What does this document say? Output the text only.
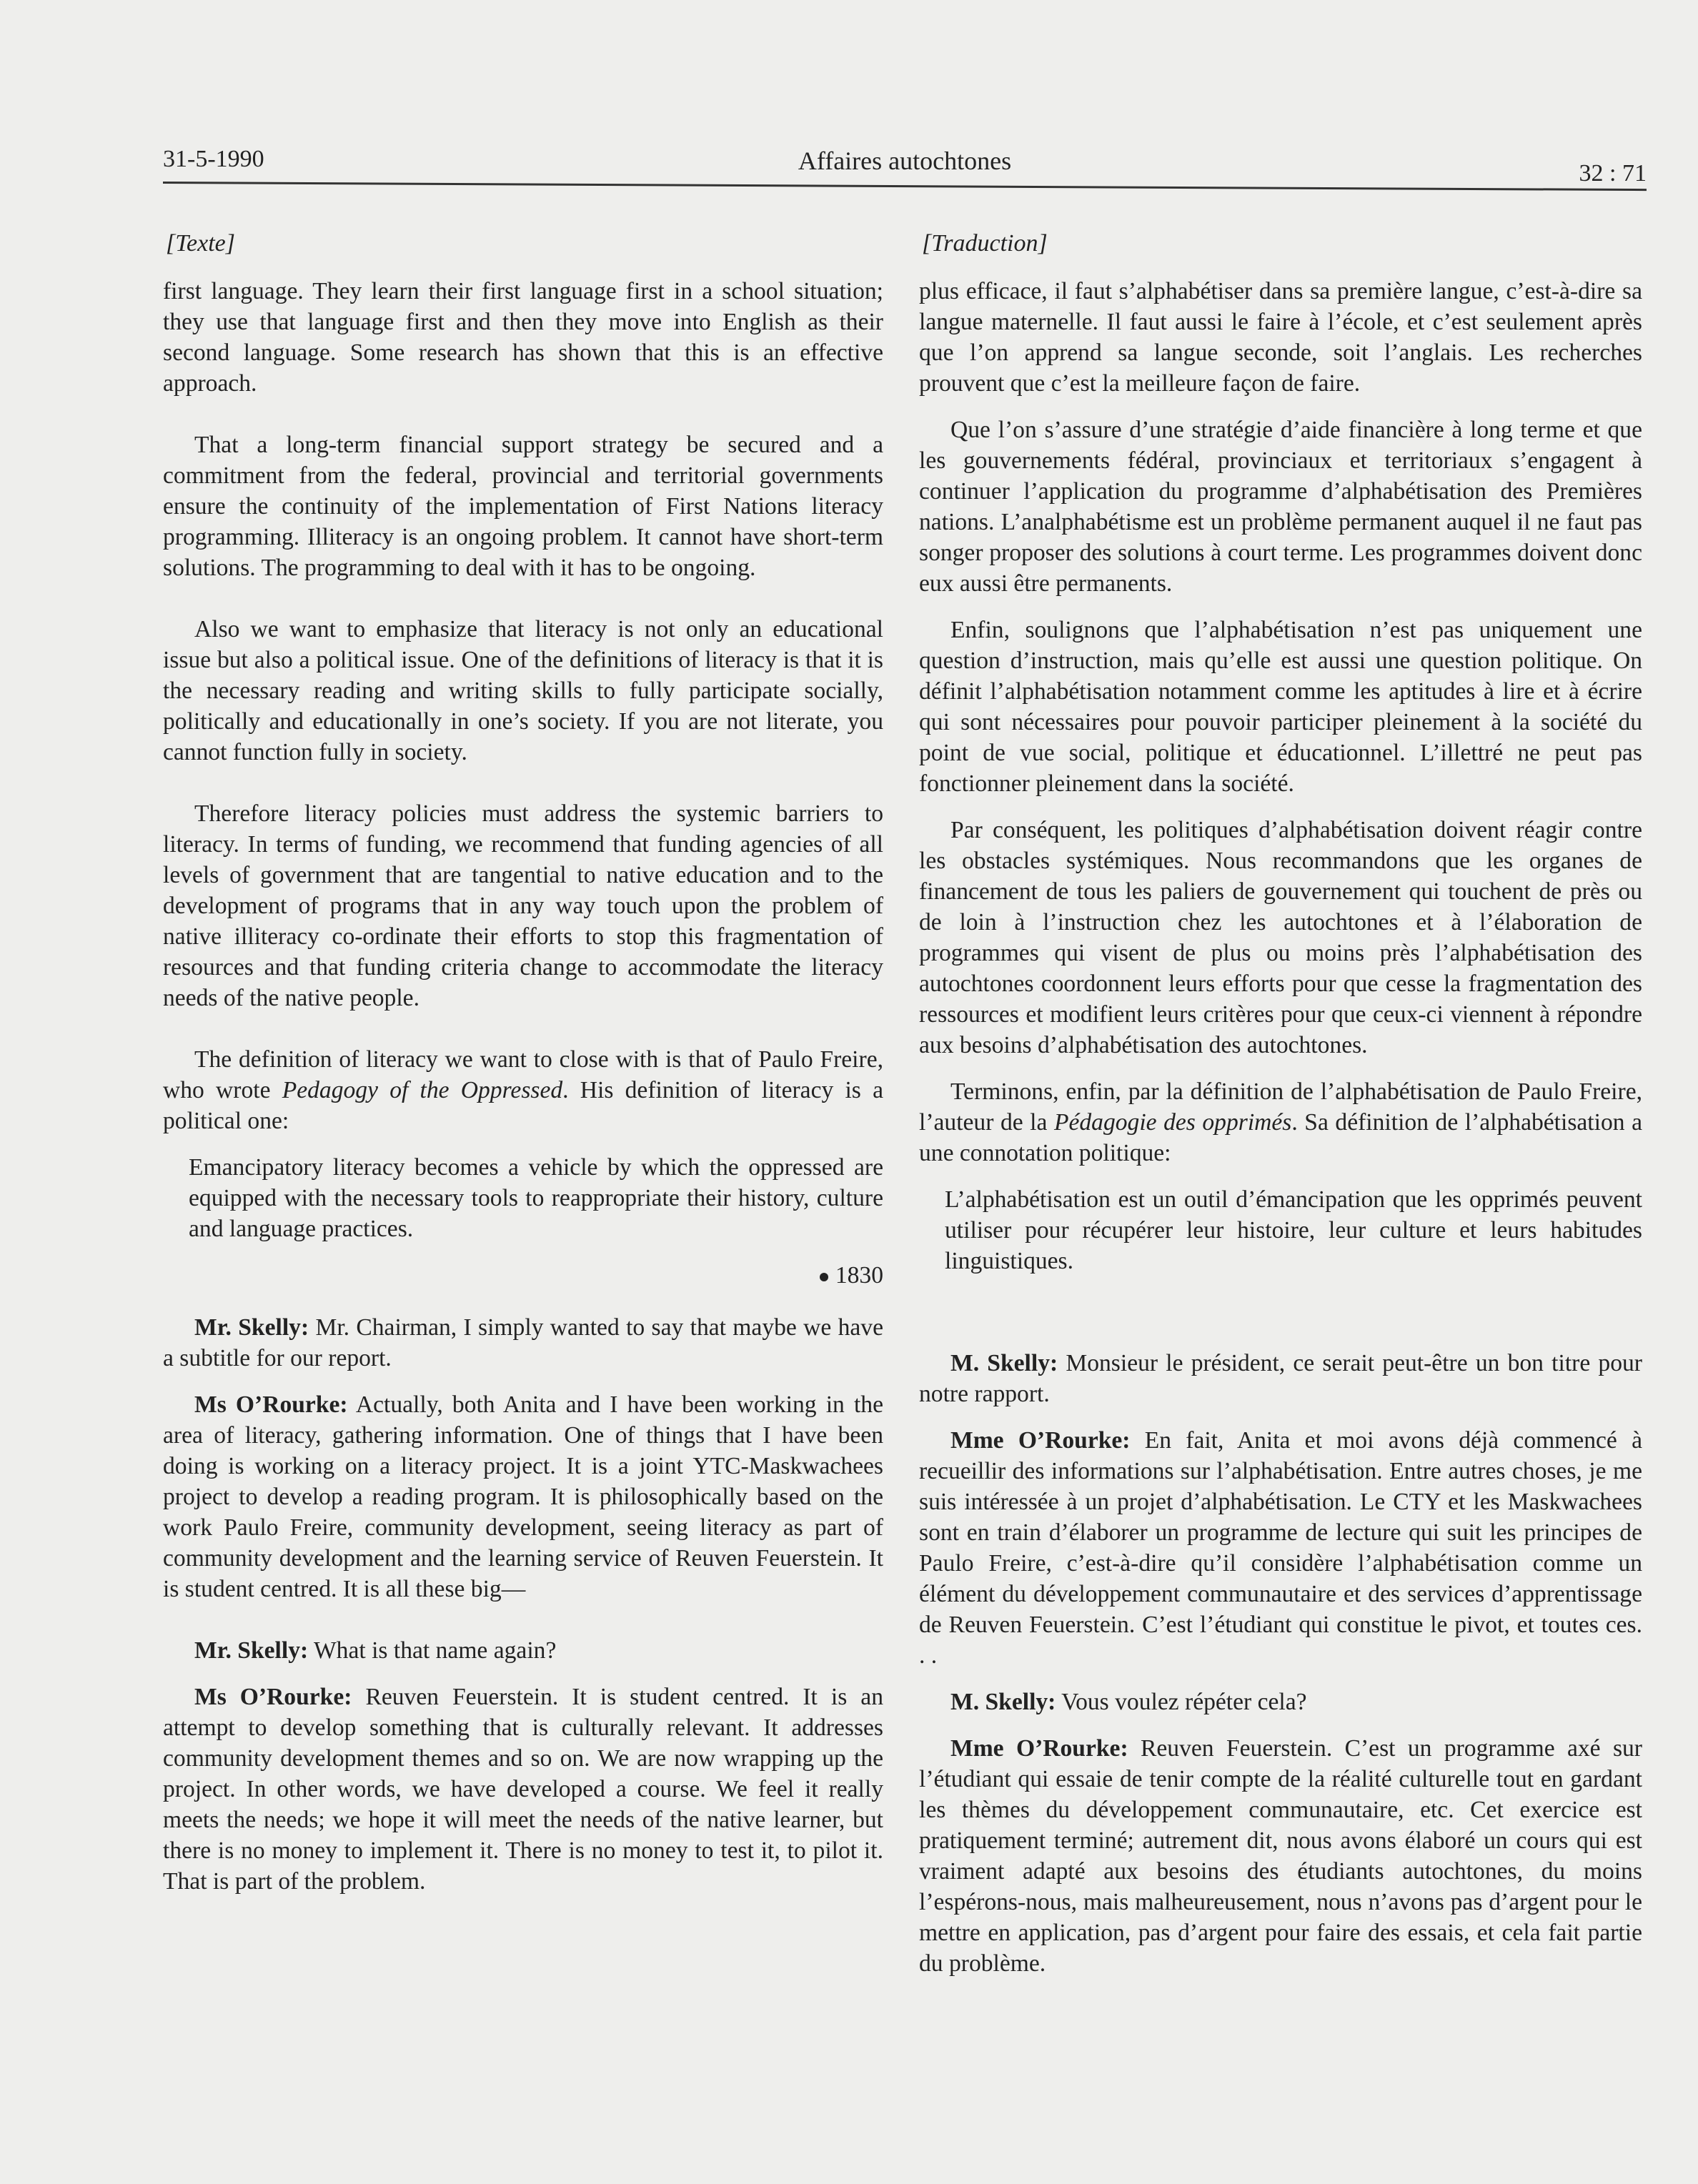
31-5-1990	Affaires autochtones	32 : 71
[Texte]

first language. They learn their first language first in a school situation; they use that language first and then they move into English as their second language. Some research has shown that this is an effective approach.

That a long-term financial support strategy be secured and a commitment from the federal, provincial and territorial governments ensure the continuity of the implementation of First Nations literacy programming. Illiteracy is an ongoing problem. It cannot have short-term solutions. The programming to deal with it has to be ongoing.

Also we want to emphasize that literacy is not only an educational issue but also a political issue. One of the definitions of literacy is that it is the necessary reading and writing skills to fully participate socially, politically and educationally in one’s society. If you are not literate, you cannot function fully in society.

Therefore literacy policies must address the systemic barriers to literacy. In terms of funding, we recommend that funding agencies of all levels of government that are tangential to native education and to the development of programs that in any way touch upon the problem of native illiteracy co-ordinate their efforts to stop this fragmentation of resources and that funding criteria change to accommodate the literacy needs of the native people.

The definition of literacy we want to close with is that of Paulo Freire, who wrote Pedagogy of the Oppressed. His definition of literacy is a political one:

Emancipatory literacy becomes a vehicle by which the oppressed are equipped with the necessary tools to reappropriate their history, culture and language practices.

1830

Mr. Skelly: Mr. Chairman, I simply wanted to say that maybe we have a subtitle for our report.

Ms O’Rourke: Actually, both Anita and I have been working in the area of literacy, gathering information. One of things that I have been doing is working on a literacy project. It is a joint YTC-Maskwachees project to develop a reading program. It is philosophically based on the work Paulo Freire, community development, seeing literacy as part of community development and the learning service of Reuven Feuerstein. It is student centred. It is all these big—

Mr. Skelly: What is that name again?

Ms O’Rourke: Reuven Feuerstein. It is student centred. It is an attempt to develop something that is culturally relevant. It addresses community development themes and so on. We are now wrapping up the project. In other words, we have developed a course. We feel it really meets the needs; we hope it will meet the needs of the native learner, but there is no money to implement it. There is no money to test it, to pilot it. That is part of the problem.

[Traduction]

plus efficace, il faut s’alphabétiser dans sa première langue, c’est-à-dire sa langue maternelle. Il faut aussi le faire à l’école, et c’est seulement après que l’on apprend sa langue seconde, soit l’anglais. Les recherches prouvent que c’est la meilleure façon de faire.

Que l’on s’assure d’une stratégie d’aide financière à long terme et que les gouvernements fédéral, provinciaux et territoriaux s’engagent à continuer l’application du programme d’alphabétisation des Premières nations. L’analphabétisme est un problème permanent auquel il ne faut pas songer proposer des solutions à court terme. Les programmes doivent donc eux aussi être permanents.

Enfin, soulignons que l’alphabétisation n’est pas uniquement une question d’instruction, mais qu’elle est aussi une question politique. On définit l’alphabétisation notamment comme les aptitudes à lire et à écrire qui sont nécessaires pour pouvoir participer pleinement à la société du point de vue social, politique et éducationnel. L’illettré ne peut pas fonctionner pleinement dans la société.

Par conséquent, les politiques d’alphabétisation doivent réagir contre les obstacles systémiques. Nous recommandons que les organes de financement de tous les paliers de gouvernement qui touchent de près ou de loin à l’instruction chez les autochtones et à l’élaboration de programmes qui visent de plus ou moins près l’alphabétisation des autochtones coordonnent leurs efforts pour que cesse la fragmentation des ressources et modifient leurs critères pour que ceux-ci viennent à répondre aux besoins d’alphabétisation des autochtones.

Terminons, enfin, par la définition de l’alphabétisation de Paulo Freire, l’auteur de la Pédagogie des opprimés. Sa définition de l’alphabétisation a une connotation politique:

L’alphabétisation est un outil d’émancipation que les opprimés peuvent utiliser pour récupérer leur histoire, leur culture et leurs habitudes linguistiques.

M. Skelly: Monsieur le président, ce serait peut-être un bon titre pour notre rapport.

Mme O’Rourke: En fait, Anita et moi avons déjà commencé à recueillir des informations sur l’alphabétisation. Entre autres choses, je me suis intéressée à un projet d’alphabétisation. Le CTY et les Maskwachees sont en train d’élaborer un programme de lecture qui suit les principes de Paulo Freire, c’est-à-dire qu’il considère l’alphabétisation comme un élément du développement communautaire et des services d’apprentissage de Reuven Feuerstein. C’est l’étudiant qui constitue le pivot, et toutes ces. . .

M. Skelly: Vous voulez répéter cela?

Mme O’Rourke: Reuven Feuerstein. C’est un programme axé sur l’étudiant qui essaie de tenir compte de la réalité culturelle tout en gardant les thèmes du développement communautaire, etc. Cet exercice est pratiquement terminé; autrement dit, nous avons élaboré un cours qui est vraiment adapté aux besoins des étudiants autochtones, du moins l’espérons-nous, mais malheureusement, nous n’avons pas d’argent pour le mettre en application, pas d’argent pour faire des essais, et cela fait partie du problème.
